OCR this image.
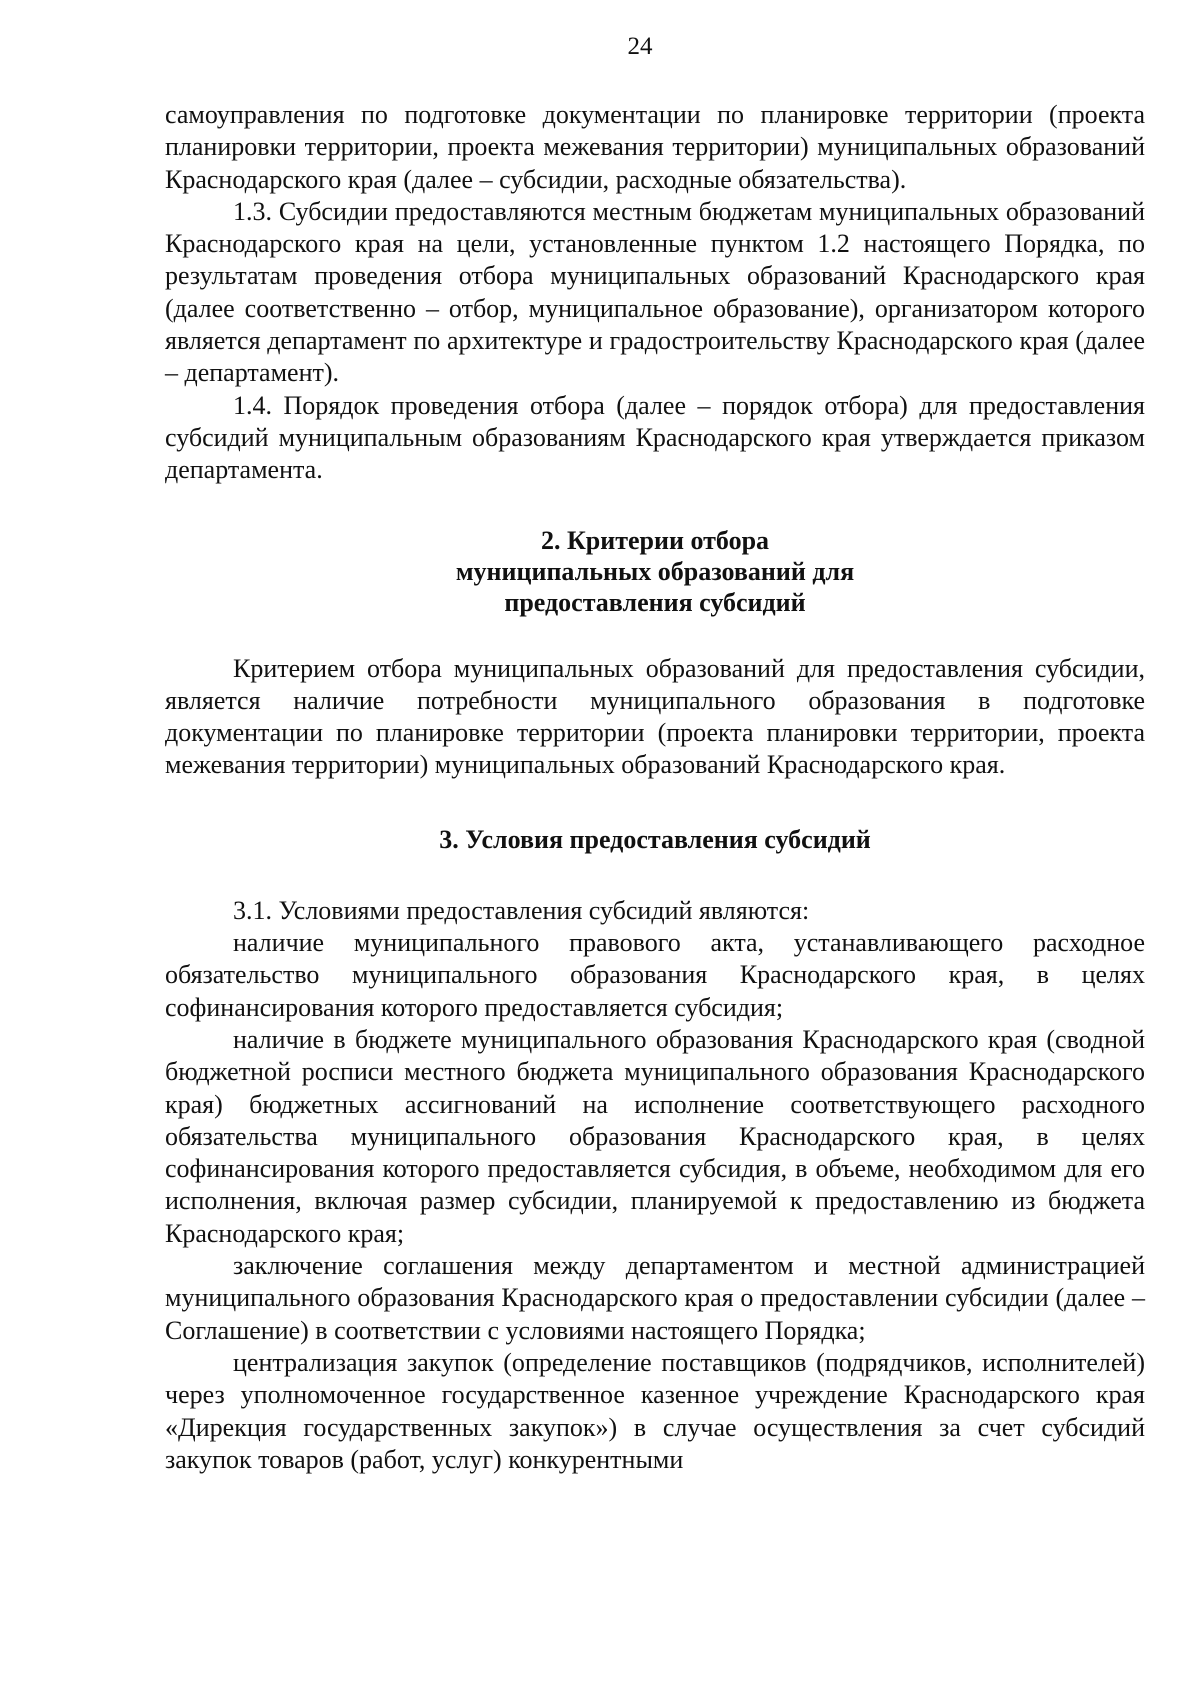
24

самоуправления по подготовке документации по планировке территории (проекта планировки территории, проекта межевания территории) муниципальных образований Краснодарского края (далее – субсидии, расходные обязательства).

1.3. Субсидии предоставляются местным бюджетам муниципальных образований Краснодарского края на цели, установленные пунктом 1.2 настоящего Порядка, по результатам проведения отбора муниципальных образований Краснодарского края (далее соответственно – отбор, муниципальное образование), организатором которого является департамент по архитектуре и градостроительству Краснодарского края (далее – департамент).

1.4. Порядок проведения отбора (далее – порядок отбора) для предоставления субсидий муниципальным образованиям Краснодарского края утверждается приказом департамента.

2. Критерии отбора

муниципальных образований для

предоставления субсидий

Критерием отбора муниципальных образований для предоставления субсидии, является наличие потребности муниципального образования в подготовке документации по планировке территории (проекта планировки территории, проекта межевания территории) муниципальных образований Краснодарского края.

3. Условия предоставления субсидий

3.1. Условиями предоставления субсидий являются:

наличие муниципального правового акта, устанавливающего расходное обязательство муниципального образования Краснодарского края, в целях софинансирования которого предоставляется субсидия;

наличие в бюджете муниципального образования Краснодарского края (сводной бюджетной росписи местного бюджета муниципального образования Краснодарского края) бюджетных ассигнований на исполнение соответствующего расходного обязательства муниципального образования Краснодарского края, в целях софинансирования которого предоставляется субсидия, в объеме, необходимом для его исполнения, включая размер субсидии, планируемой к предоставлению из бюджета Краснодарского края;

заключение соглашения между департаментом и местной администрацией муниципального образования Краснодарского края о предоставлении субсидии (далее – Соглашение) в соответствии с условиями настоящего Порядка;

централизация закупок (определение поставщиков (подрядчиков, исполнителей) через уполномоченное государственное казенное учреждение Краснодарского края «Дирекция государственных закупок») в случае осуществления за счет субсидий закупок товаров (работ, услуг) конкурентными
